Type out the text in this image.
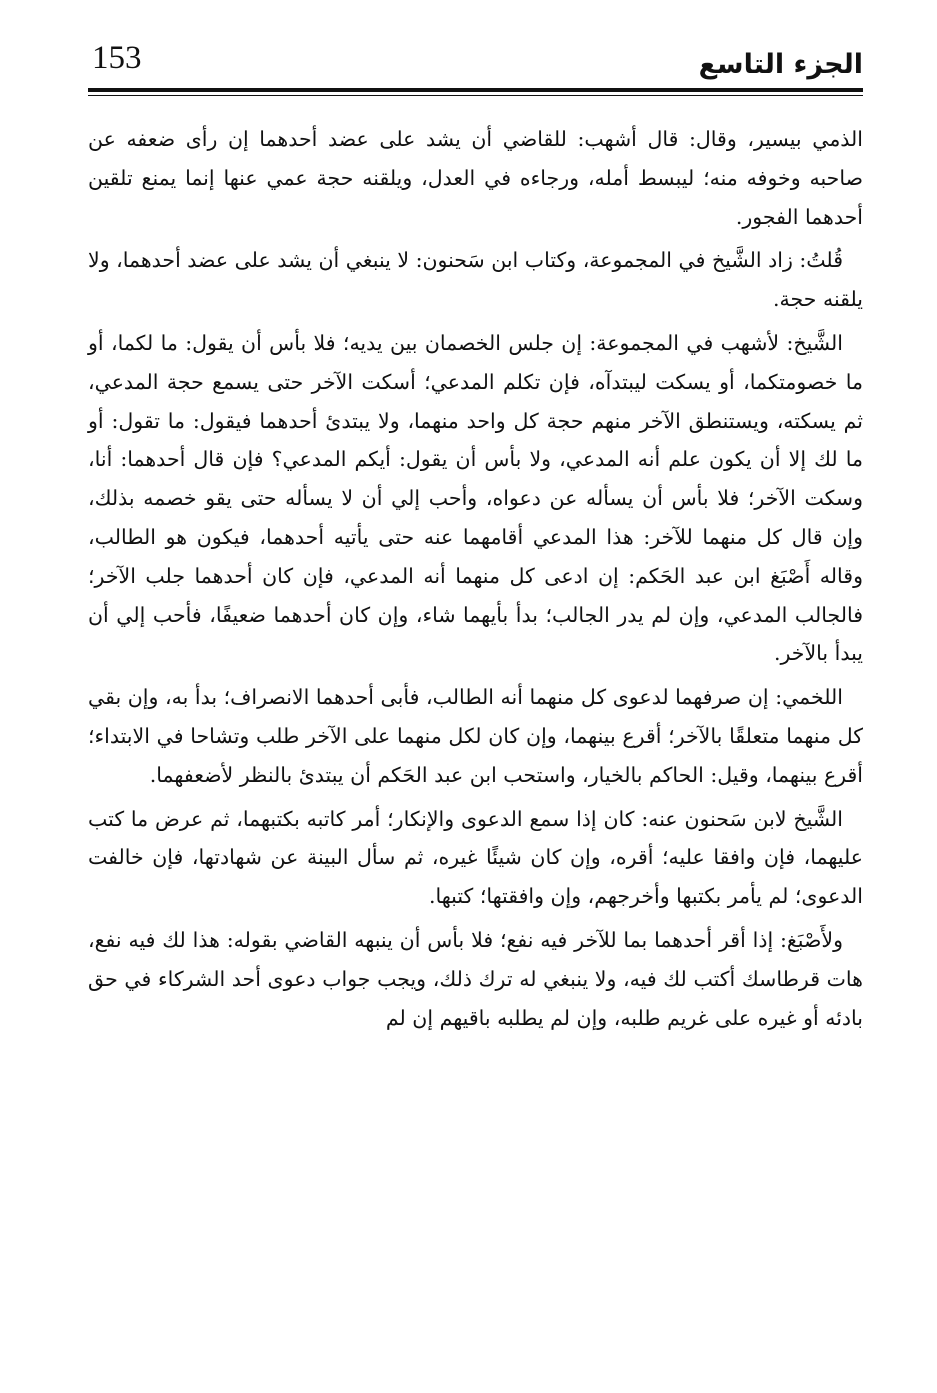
153	الجزء التاسع

الذمي بيسير، وقال: قال أشهب: للقاضي أن يشد على عضد أحدهما إن رأى ضعفه عن صاحبه وخوفه منه؛ ليبسط أمله، ورجاءه في العدل، ويلقنه حجة عمي عنها إنما يمنع تلقين أحدهما الفجور.

قُلتُ: زاد الشَّيخ في المجموعة، وكتاب ابن سَحنون: لا ينبغي أن يشد على عضد أحدهما، ولا يلقنه حجة.

الشَّيخ: لأشهب في المجموعة: إن جلس الخصمان بين يديه؛ فلا بأس أن يقول: ما لكما، أو ما خصومتكما، أو يسكت ليبتدآه، فإن تكلم المدعي؛ أسكت الآخر حتى يسمع حجة المدعي، ثم يسكته، ويستنطق الآخر منهم حجة كل واحد منهما، ولا يبتدئ أحدهما فيقول: ما تقول: أو ما لك إلا أن يكون علم أنه المدعي، ولا بأس أن يقول: أيكم المدعي؟ فإن قال أحدهما: أنا، وسكت الآخر؛ فلا بأس أن يسأله عن دعواه، وأحب إلي أن لا يسأله حتى يقو خصمه بذلك، وإن قال كل منهما للآخر: هذا المدعي أقامهما عنه حتى يأتيه أحدهما، فيكون هو الطالب، وقاله أَصْبَغ ابن عبد الحَكم: إن ادعى كل منهما أنه المدعي، فإن كان أحدهما جلب الآخر؛ فالجالب المدعي، وإن لم يدر الجالب؛ بدأ بأيهما شاء، وإن كان أحدهما ضعيفًا، فأحب إلي أن يبدأ بالآخر.

اللخمي: إن صرفهما لدعوى كل منهما أنه الطالب، فأبى أحدهما الانصراف؛ بدأ به، وإن بقي كل منهما متعلقًا بالآخر؛ أقرع بينهما، وإن كان لكل منهما على الآخر طلب وتشاحا في الابتداء؛ أقرع بينهما، وقيل: الحاكم بالخيار، واستحب ابن عبد الحَكم أن يبتدئ بالنظر لأضعفهما.

الشَّيخ لابن سَحنون عنه: كان إذا سمع الدعوى والإنكار؛ أمر كاتبه بكتبهما، ثم عرض ما كتب عليهما، فإن وافقا عليه؛ أقره، وإن كان شيئًا غيره، ثم سأل البينة عن شهادتها، فإن خالفت الدعوى؛ لم يأمر بكتبها وأخرجهم، وإن وافقتها؛ كتبها.

ولأَصْبَغ: إذا أقر أحدهما بما للآخر فيه نفع؛ فلا بأس أن ينبهه القاضي بقوله: هذا لك فيه نفع، هات قرطاسك أكتب لك فيه، ولا ينبغي له ترك ذلك، ويجب جواب دعوى أحد الشركاء في حق بادئه أو غيره على غريم طلبه، وإن لم يطلبه باقيهم إن لم
